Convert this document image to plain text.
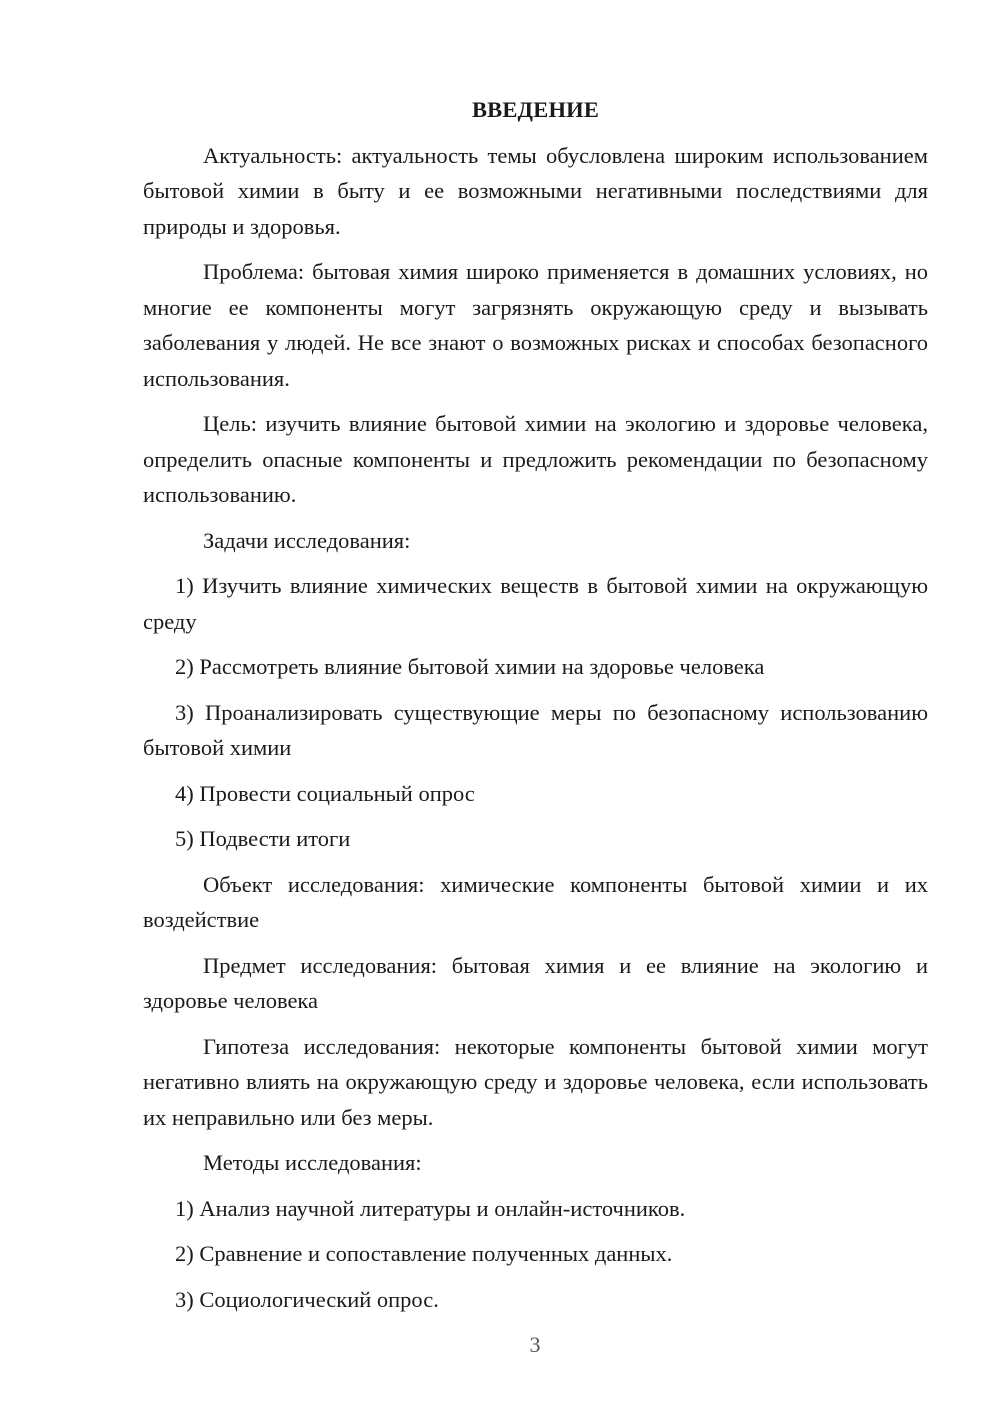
ВВЕДЕНИЕ
Актуальность: актуальность темы обусловлена широким использованием бытовой химии в быту и ее возможными негативными последствиями для природы и здоровья.
Проблема: бытовая химия широко применяется в домашних условиях, но многие ее компоненты могут загрязнять окружающую среду и вызывать заболевания у людей. Не все знают о возможных рисках и способах безопасного использования.
Цель: изучить влияние бытовой химии на экологию и здоровье человека, определить опасные компоненты и предложить рекомендации по безопасному использованию.
Задачи исследования:
1) Изучить влияние химических веществ в бытовой химии на окружающую среду
2) Рассмотреть влияние бытовой химии на здоровье человека
3) Проанализировать существующие меры по безопасному использованию бытовой химии
4) Провести социальный опрос
5) Подвести итоги
Объект исследования: химические компоненты бытовой химии и их воздействие
Предмет исследования: бытовая химия и ее влияние на экологию и здоровье человека
Гипотеза исследования: некоторые компоненты бытовой химии могут негативно влиять на окружающую среду и здоровье человека, если использовать их неправильно или без меры.
Методы исследования:
1) Анализ научной литературы и онлайн-источников.
2) Сравнение и сопоставление полученных данных.
3) Социологический опрос.
3
